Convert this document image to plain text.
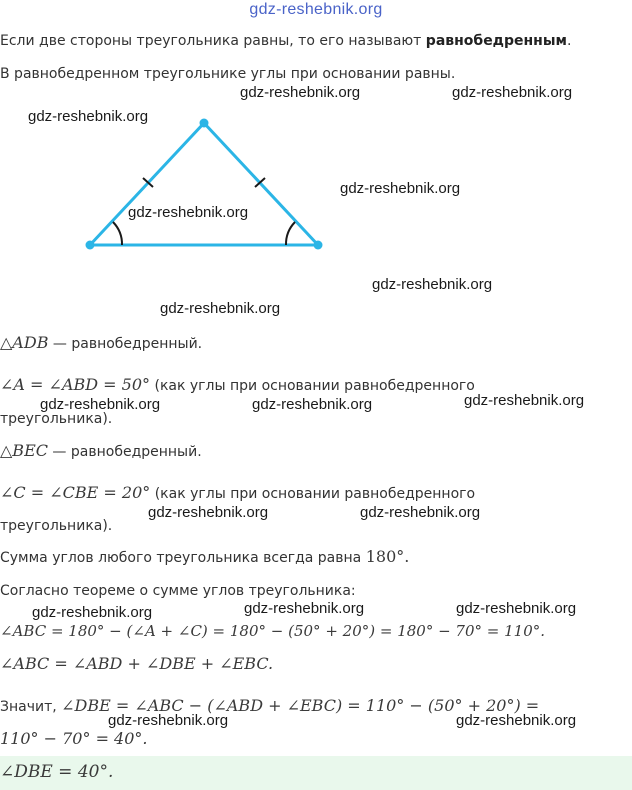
gdz-reshebnik.org
Если две стороны треугольника равны, то его называют равнобедренным.
В равнобедренном треугольнике углы при основании равны.
△ADB — равнобедренный.
∠A = ∠ABD = 50° (как углы при основании равнобедренного
треугольника).
△BEC — равнобедренный.
∠C = ∠CBE = 20° (как углы при основании равнобедренного
треугольника).
Сумма углов любого треугольника всегда равна 180°.
Согласно теореме о сумме углов треугольника:
∠ABC = 180° − (∠A + ∠C) = 180° − (50° + 20°) = 180° − 70° = 110°.
∠ABC = ∠ABD + ∠DBE + ∠EBC.
Значит, ∠DBE = ∠ABC − (∠ABD + ∠EBC) = 110° − (50° + 20°) =
110° − 70° = 40°.
∠DBE = 40°.
gdz-reshebnik.org	gdz-reshebnik.org
gdz-reshebnik.org
gdz-reshebnik.org
gdz-reshebnik.org
gdz-reshebnik.org
gdz-reshebnik.org
gdz-reshebnik.org	gdz-reshebnik.org	gdz-reshebnik.org
gdz-reshebnik.org	gdz-reshebnik.org
gdz-reshebnik.org	gdz-reshebnik.org	gdz-reshebnik.org
gdz-reshebnik.org	gdz-reshebnik.org
